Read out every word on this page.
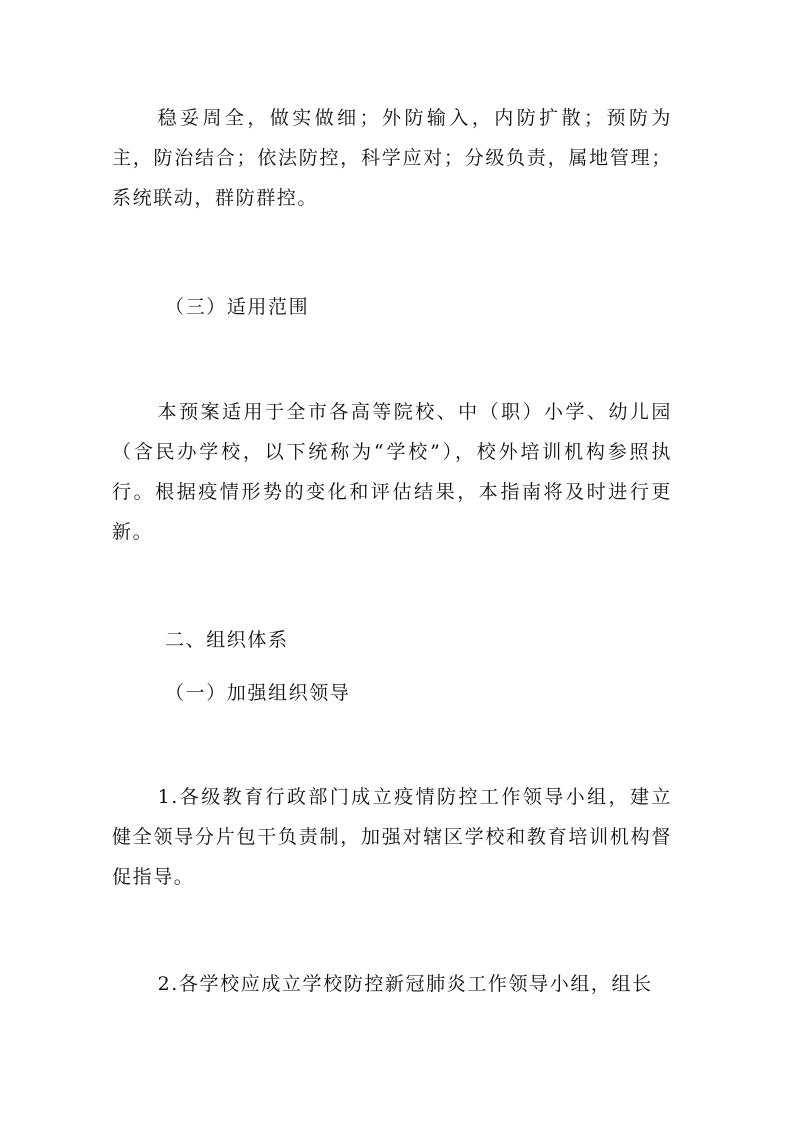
稳妥周全，做实做细；外防输入，内防扩散；预防为主，防治结合；依法防控，科学应对；分级负责，属地管理；系统联动，群防群控。

（三）适用范围

本预案适用于全市各高等院校、中（职）小学、幼儿园（含民办学校，以下统称为“学校”），校外培训机构参照执行。根据疫情形势的变化和评估结果，本指南将及时进行更新。

二、组织体系

（一）加强组织领导

1.各级教育行政部门成立疫情防控工作领导小组，建立健全领导分片包干负责制，加强对辖区学校和教育培训机构督促指导。

2.各学校应成立学校防控新冠肺炎工作领导小组，组长
